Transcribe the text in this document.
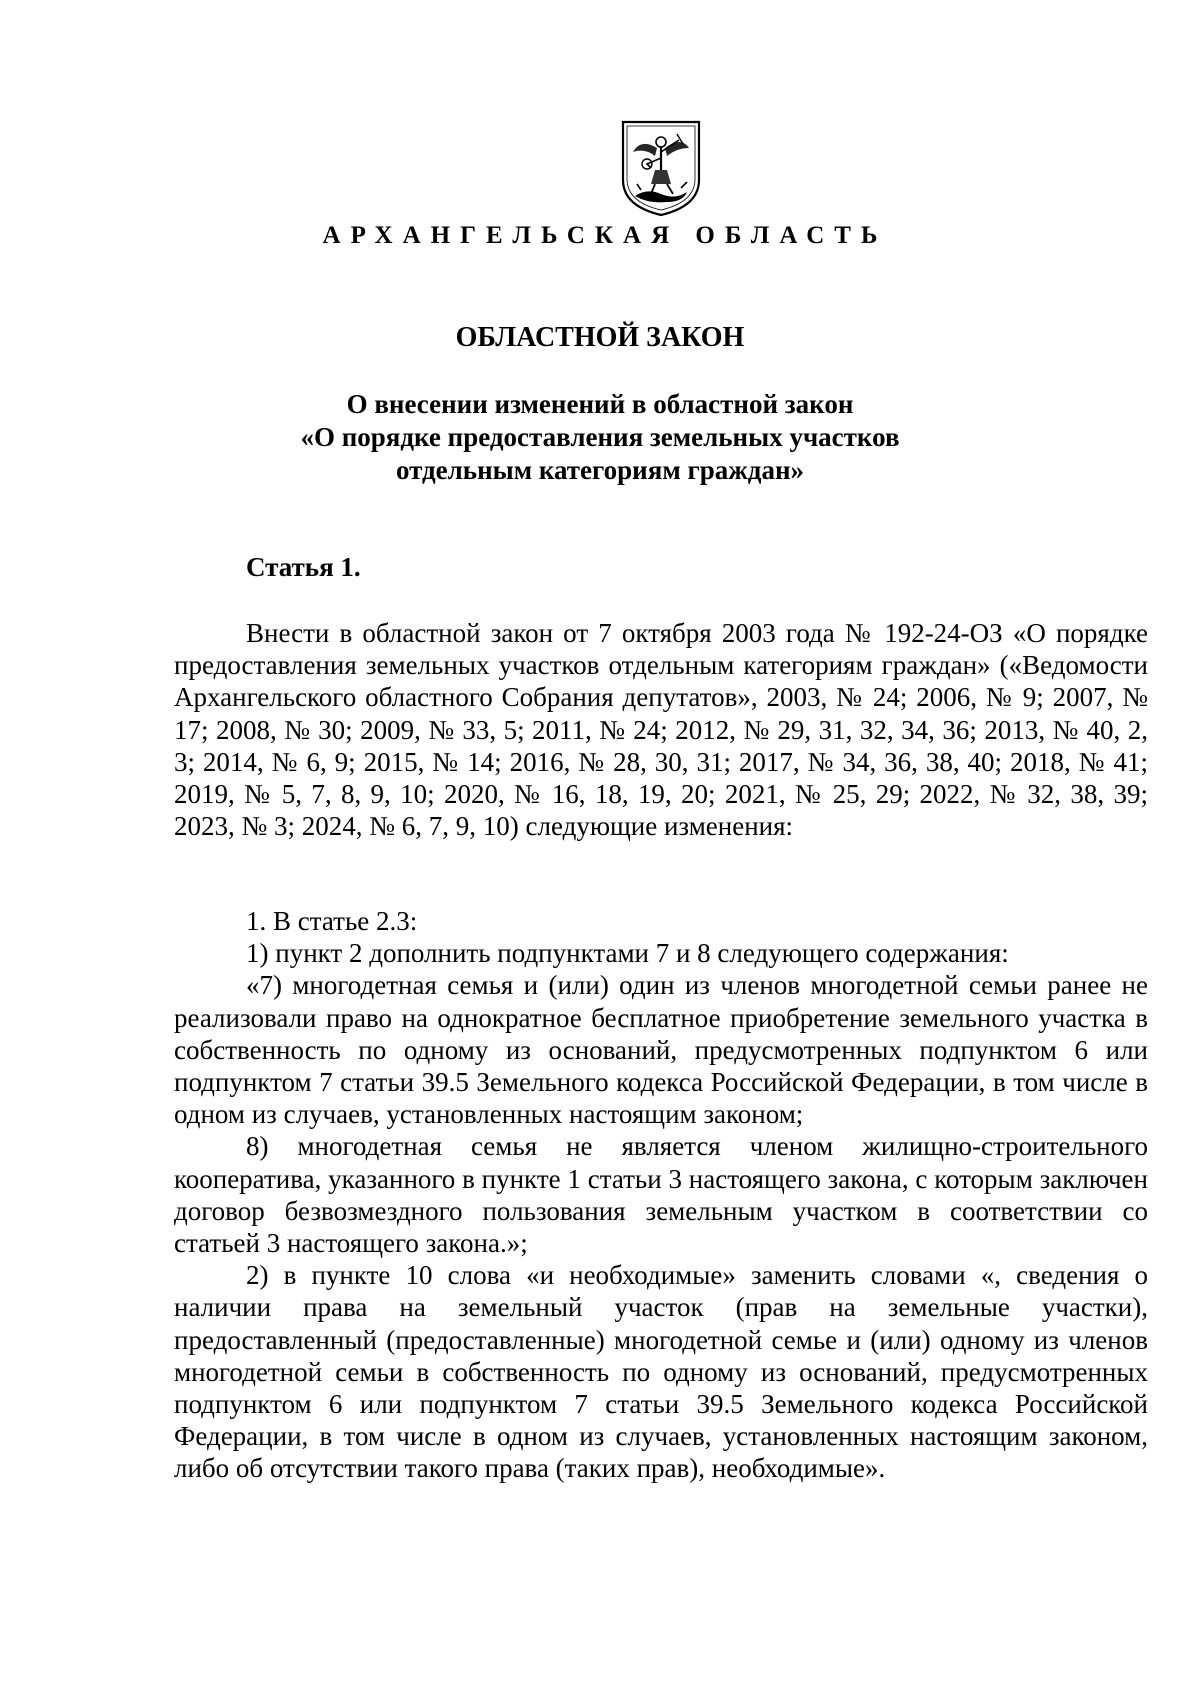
АРХАНГЕЛЬСКАЯ ОБЛАСТЬ
ОБЛАСТНОЙ ЗАКОН
О внесении изменений в областной закон
«О порядке предоставления земельных участков
отдельным категориям граждан»
Статья 1.

Внести в областной закон от 7 октября 2003 года № 192-24-ОЗ «О порядке предоставления земельных участков отдельным категориям граждан» («Ведомости Архангельского областного Собрания депутатов», 2003, № 24; 2006, № 9; 2007, № 17; 2008, № 30; 2009, № 33, 5; 2011, № 24; 2012, № 29, 31, 32, 34, 36; 2013, № 40, 2, 3; 2014, № 6, 9; 2015, № 14; 2016, № 28, 30, 31; 2017, № 34, 36, 38, 40; 2018, № 41; 2019, № 5, 7, 8, 9, 10; 2020, № 16, 18, 19, 20; 2021, № 25, 29; 2022, № 32, 38, 39; 2023, № 3; 2024, № 6, 7, 9, 10) следующие изменения:

1. В статье 2.3:

1) пункт 2 дополнить подпунктами 7 и 8 следующего содержания:

«7) многодетная семья и (или) один из членов многодетной семьи ранее не реализовали право на однократное бесплатное приобретение земельного участка в собственность по одному из оснований, предусмотренных подпунктом 6 или подпунктом 7 статьи 39.5 Земельного кодекса Российской Федерации, в том числе в одном из случаев, установленных настоящим законом;

8) многодетная семья не является членом жилищно-строительного кооператива, указанного в пункте 1 статьи 3 настоящего закона, с которым заключен договор безвозмездного пользования земельным участком в соответствии со статьей 3 настоящего закона.»;

2) в пункте 10 слова «и необходимые» заменить словами «, сведения о наличии права на земельный участок (прав на земельные участки), предоставленный (предоставленные) многодетной семье и (или) одному из членов многодетной семьи в собственность по одному из оснований, предусмотренных подпунктом 6 или подпунктом 7 статьи 39.5 Земельного кодекса Российской Федерации, в том числе в одном из случаев, установленных настоящим законом, либо об отсутствии такого права (таких прав), необходимые».
